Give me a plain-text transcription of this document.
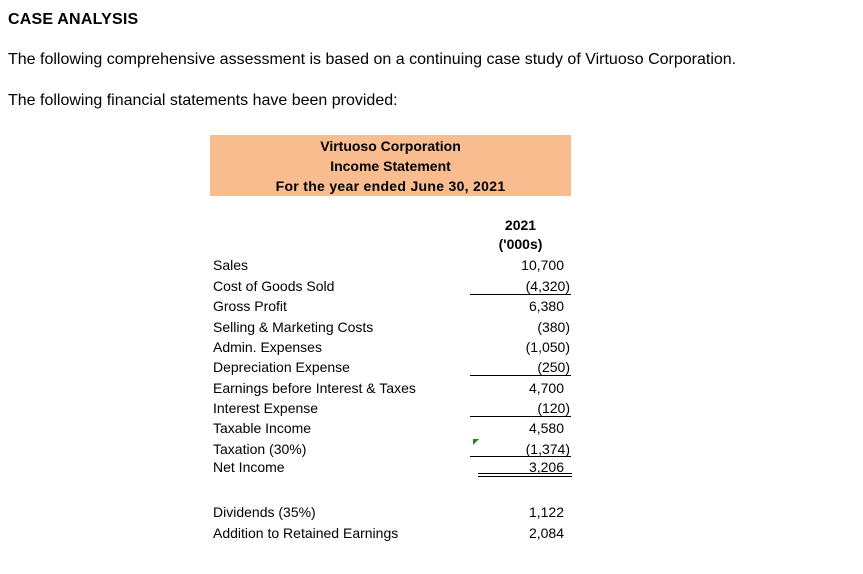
CASE ANALYSIS
The following comprehensive assessment is based on a continuing case study of Virtuoso Corporation.
The following financial statements have been provided:
Virtuoso Corporation
Income Statement
For the year ended June 30, 2021
2021
('000s)
Sales	10,700
Cost of Goods Sold	(4,320)
Gross Profit	6,380
Selling & Marketing Costs	(380)
Admin. Expenses	(1,050)
Depreciation Expense	(250)
Earnings before Interest & Taxes	4,700
Interest Expense	(120)
Taxable Income	4,580
Taxation (30%)	(1,374)
Net Income	3,206
Dividends (35%)	1,122
Addition to Retained Earnings	2,084
